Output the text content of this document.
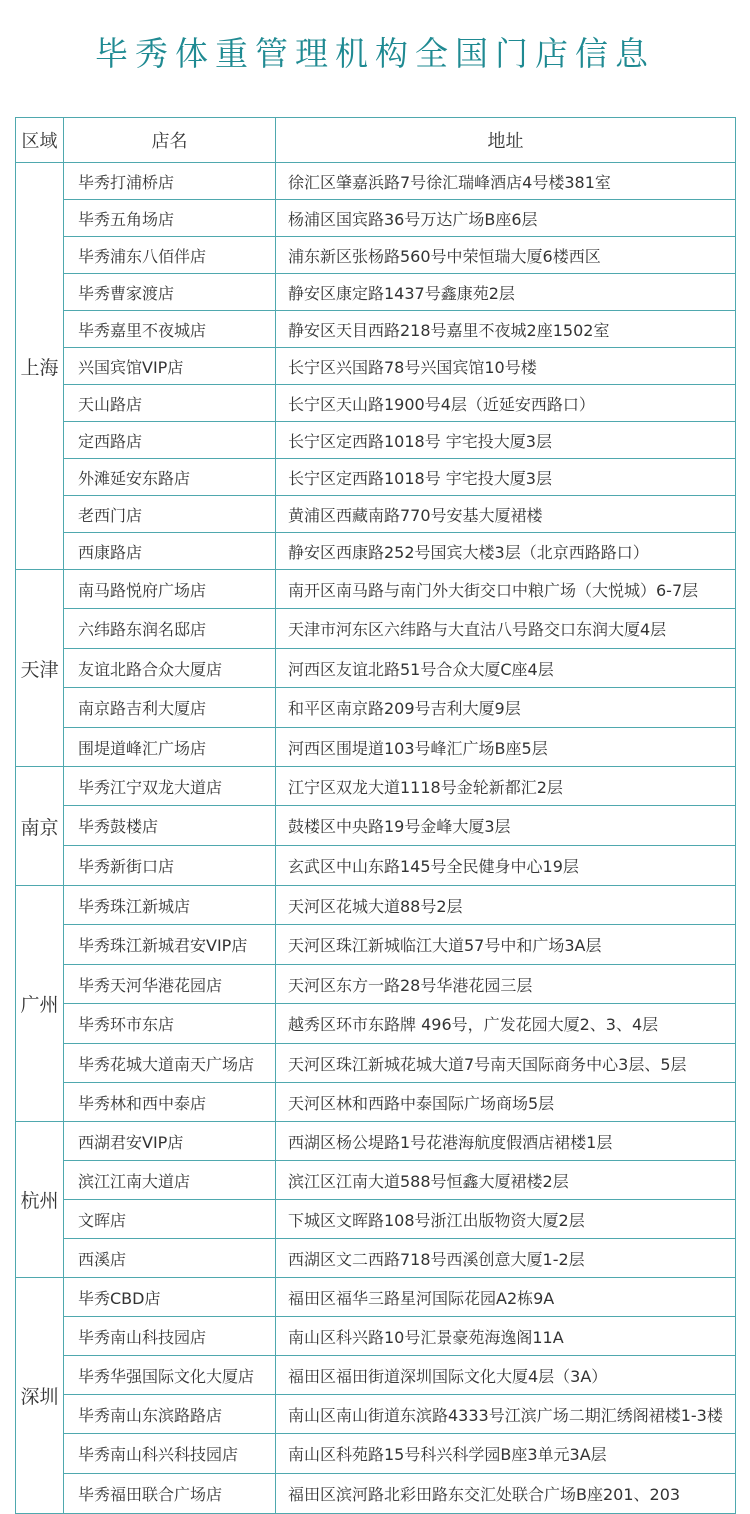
毕秀体重管理机构全国门店信息
区域	店名	地址
上海	毕秀打浦桥店	徐汇区肇嘉浜路7号徐汇瑞峰酒店4号楼381室
	毕秀五角场店	杨浦区国宾路36号万达广场B座6层
	毕秀浦东八佰伴店	浦东新区张杨路560号中荣恒瑞大厦6楼西区
	毕秀曹家渡店	静安区康定路1437号鑫康苑2层
	毕秀嘉里不夜城店	静安区天目西路218号嘉里不夜城2座1502室
	兴国宾馆VIP店	长宁区兴国路78号兴国宾馆10号楼
	天山路店	长宁区天山路1900号4层（近延安西路口）
	定西路店	长宁区定西路1018号 宇宅投大厦3层
	外滩延安东路店	长宁区定西路1018号 宇宅投大厦3层
	老西门店	黄浦区西藏南路770号安基大厦裙楼
	西康路店	静安区西康路252号国宾大楼3层（北京西路路口）
天津	南马路悦府广场店	南开区南马路与南门外大街交口中粮广场（大悦城）6-7层
	六纬路东润名邸店	天津市河东区六纬路与大直沽八号路交口东润大厦4层
	友谊北路合众大厦店	河西区友谊北路51号合众大厦C座4层
	南京路吉利大厦店	和平区南京路209号吉利大厦9层
	围堤道峰汇广场店	河西区围堤道103号峰汇广场B座5层
南京	毕秀江宁双龙大道店	江宁区双龙大道1118号金轮新都汇2层
	毕秀鼓楼店	鼓楼区中央路19号金峰大厦3层
	毕秀新街口店	玄武区中山东路145号全民健身中心19层
广州	毕秀珠江新城店	天河区花城大道88号2层
	毕秀珠江新城君安VIP店	天河区珠江新城临江大道57号中和广场3A层
	毕秀天河华港花园店	天河区东方一路28号华港花园三层
	毕秀环市东店	越秀区环市东路牌 496号，广发花园大厦2、3、4层
	毕秀花城大道南天广场店	天河区珠江新城花城大道7号南天国际商务中心3层、5层
	毕秀林和西中泰店	天河区林和西路中泰国际广场商场5层
杭州	西湖君安VIP店	西湖区杨公堤路1号花港海航度假酒店裙楼1层
	滨江江南大道店	滨江区江南大道588号恒鑫大厦裙楼2层
	文晖店	下城区文晖路108号浙江出版物资大厦2层
	西溪店	西湖区文二西路718号西溪创意大厦1-2层
深圳	毕秀CBD店	福田区福华三路星河国际花园A2栋9A
	毕秀南山科技园店	南山区科兴路10号汇景豪苑海逸阁11A
	毕秀华强国际文化大厦店	福田区福田街道深圳国际文化大厦4层（3A）
	毕秀南山东滨路路店	南山区南山街道东滨路4333号江滨广场二期汇绣阁裙楼1-3楼
	毕秀南山科兴科技园店	南山区科苑路15号科兴科学园B座3单元3A层
	毕秀福田联合广场店	福田区滨河路北彩田路东交汇处联合广场B座201、203
